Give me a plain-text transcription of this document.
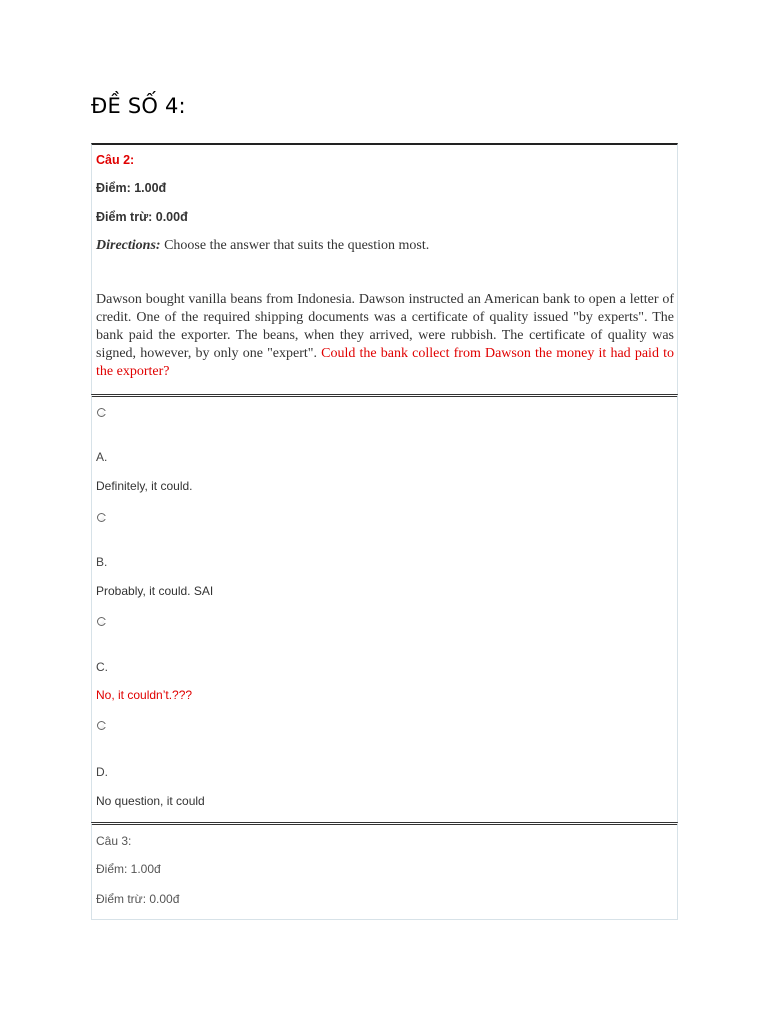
ĐỀ SỐ 4:
Câu 2:
Điểm: 1.00đ
Điểm trừ: 0.00đ
Directions: Choose the answer that suits the question most.
Dawson bought vanilla beans from Indonesia. Dawson instructed an American bank to open a letter of credit. One of the required shipping documents was a certificate of quality issued "by experts". The bank paid the exporter. The beans, when they arrived, were rubbish. The certificate of quality was signed, however, by only one "expert". Could the bank collect from Dawson the money it had paid to the exporter?
A.
Definitely, it could.
B.
Probably, it could. SAI
C.
No, it couldn’t.???
D.
No question, it could
Câu 3:
Điểm: 1.00đ
Điểm trừ: 0.00đ
